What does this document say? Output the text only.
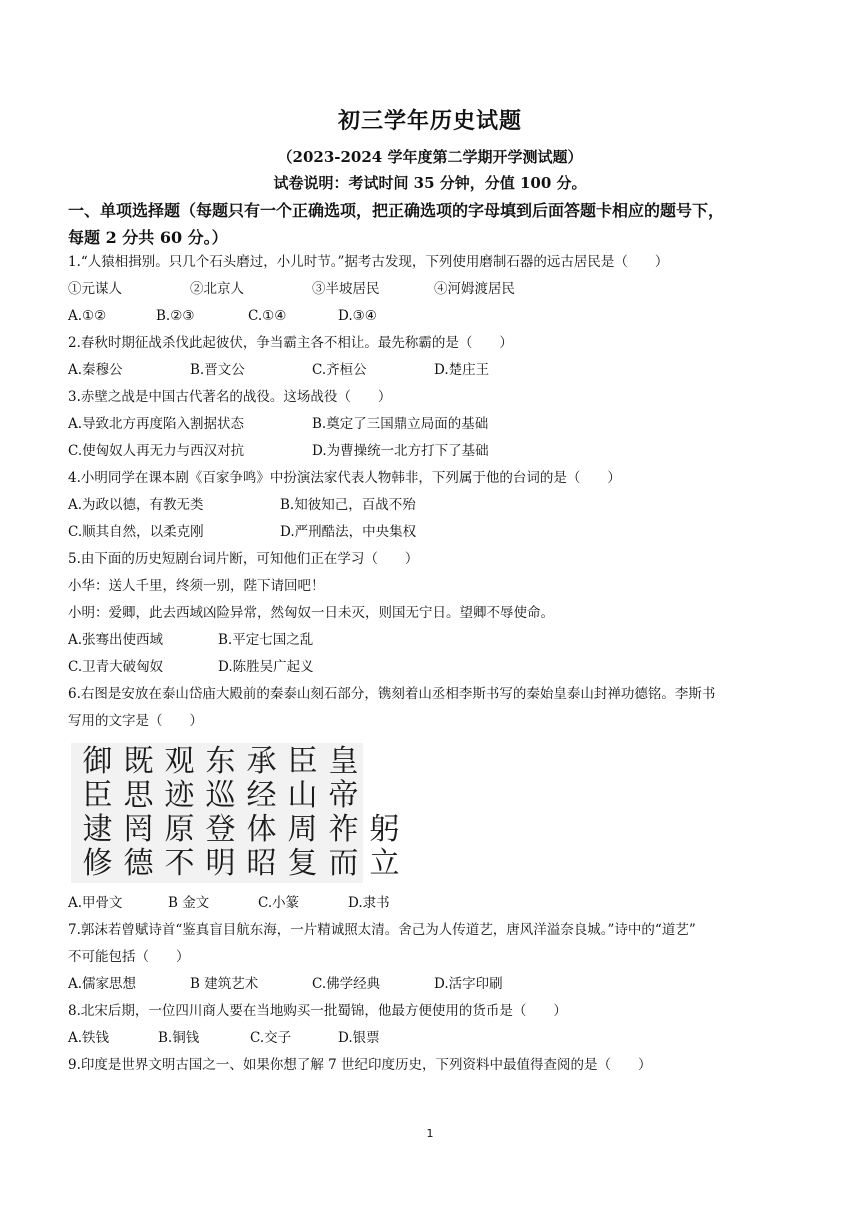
初三学年历史试题
（2023-2024 学年度第二学期开学测试题）
试卷说明：考试时间 35 分钟，分值 100 分。
一、单项选择题（每题只有一个正确选项，把正确选项的字母填到后面答题卡相应的题号下，
每题 2 分共 60 分。）
1.“人猿相揖别。只几个石头磨过，小儿时节。”据考古发现，下列使用磨制石器的远古居民是（　　）
①元谋人	②北京人	③半坡居民	④河姆渡居民
A.①②	B.②③	C.①④	D.③④
2.春秋时期征战杀伐此起彼伏，争当霸主各不相让。最先称霸的是（　　）
A.秦穆公	B.晋文公	C.齐桓公	D.楚庄王
3.赤壁之战是中国古代著名的战役。这场战役（　　）
A.导致北方再度陷入割据状态	B.奠定了三国鼎立局面的基础
C.使匈奴人再无力与西汉对抗	D.为曹操统一北方打下了基础
4.小明同学在课本剧《百家争鸣》中扮演法家代表人物韩非，下列属于他的台词的是（　　）
A.为政以德，有教无类	B.知彼知己，百战不殆
C.顺其自然，以柔克刚	D.严刑酷法，中央集权
5.由下面的历史短剧台词片断，可知他们正在学习（　　）
小华：送人千里，终须一别，陛下请回吧！
小明：爱卿，此去西域凶险异常，然匈奴一日未灭，则国无宁日。望卿不辱使命。
A.张骞出使西域	B.平定七国之乱
C.卫青大破匈奴	D.陈胜吴广起义
6.右图是安放在泰山岱庙大殿前的秦泰山刻石部分，镌刻着山丞相李斯书写的秦始皇泰山封禅功德铭。李斯书
写用的文字是（　　）
御 既 观 东 承 臣 皇
臣 思 迹 巡 经 山 帝
逮 罔 原 登 体 周 祚 躬
修 德 不 明 昭 复 而 立
A.甲骨文	B 金文	C.小篆	D.隶书
7.郭沫若曾赋诗首“鉴真盲目航东海，一片精诚照太清。舍己为人传道艺，唐风洋溢奈良城。”诗中的“道艺”
不可能包括（　　）
A.儒家思想	B 建筑艺术	C.佛学经典	D.活字印刷
8.北宋后期，一位四川商人要在当地购买一批蜀锦，他最方便使用的货币是（　　）
A.铁钱	B.铜钱	C.交子	D.银票
9.印度是世界文明古国之一、如果你想了解 7 世纪印度历史，下列资料中最值得查阅的是（　　）
1
